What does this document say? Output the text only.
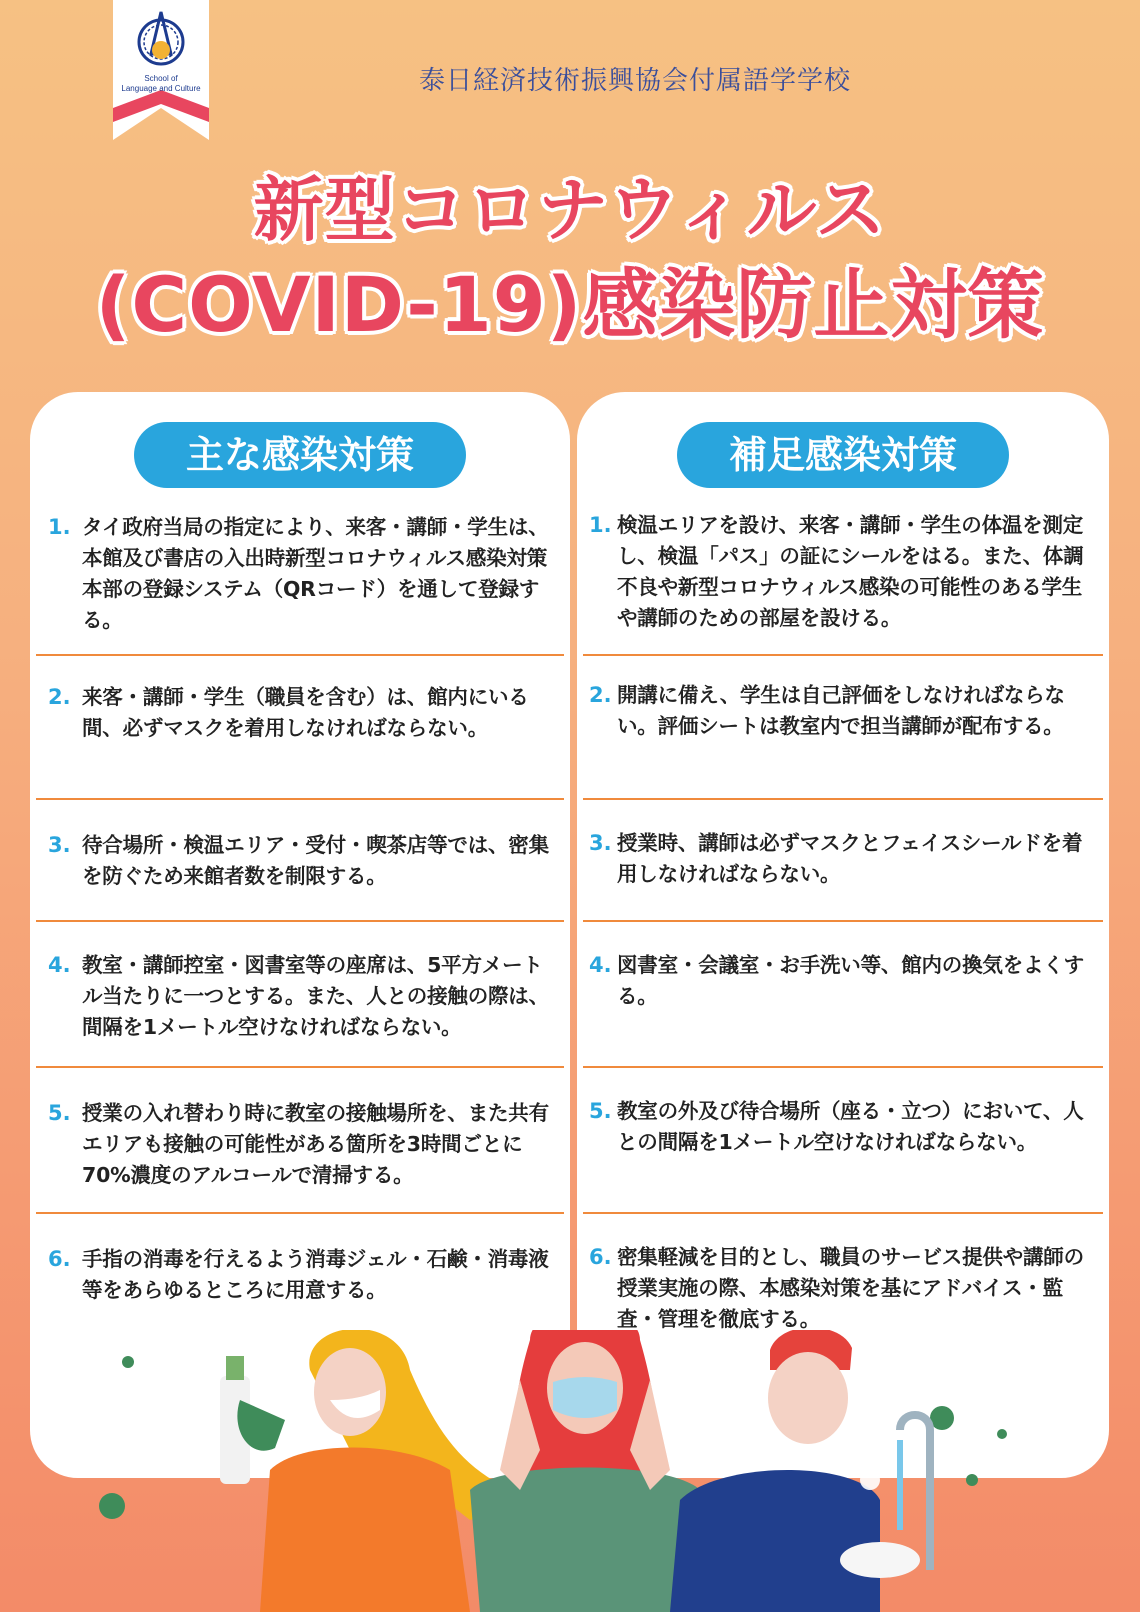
School of
Language and Culture	泰日経済技術振興協会付属語学学校
新型コロナウィルス
(COVID-19)感染防止対策
主な感染対策
1. タイ政府当局の指定により、来客・講師・学生は、本館及び書店の入出時新型コロナウィルス感染対策本部の登録システム（QRコード）を通して登録する。
2. 来客・講師・学生（職員を含む）は、館内にいる間、必ずマスクを着用しなければならない。
3. 待合場所・検温エリア・受付・喫茶店等では、密集を防ぐため来館者数を制限する。
4. 教室・講師控室・図書室等の座席は、5平方メートル当たりに一つとする。また、人との接触の際は、間隔を1メートル空けなければならない。
5. 授業の入れ替わり時に教室の接触場所を、また共有エリアも接触の可能性がある箇所を3時間ごとに70%濃度のアルコールで清掃する。
6. 手指の消毒を行えるよう消毒ジェル・石鹸・消毒液等をあらゆるところに用意する。
補足感染対策
1. 検温エリアを設け、来客・講師・学生の体温を測定し、検温「パス」の証にシールをはる。また、体調不良や新型コロナウィルス感染の可能性のある学生や講師のための部屋を設ける。
2. 開講に備え、学生は自己評価をしなければならない。評価シートは教室内で担当講師が配布する。
3. 授業時、講師は必ずマスクとフェイスシールドを着用しなければならない。
4. 図書室・会議室・お手洗い等、館内の換気をよくする。
5. 教室の外及び待合場所（座る・立つ）において、人との間隔を1メートル空けなければならない。
6. 密集軽減を目的とし、職員のサービス提供や講師の授業実施の際、本感染対策を基にアドバイス・監査・管理を徹底する。
